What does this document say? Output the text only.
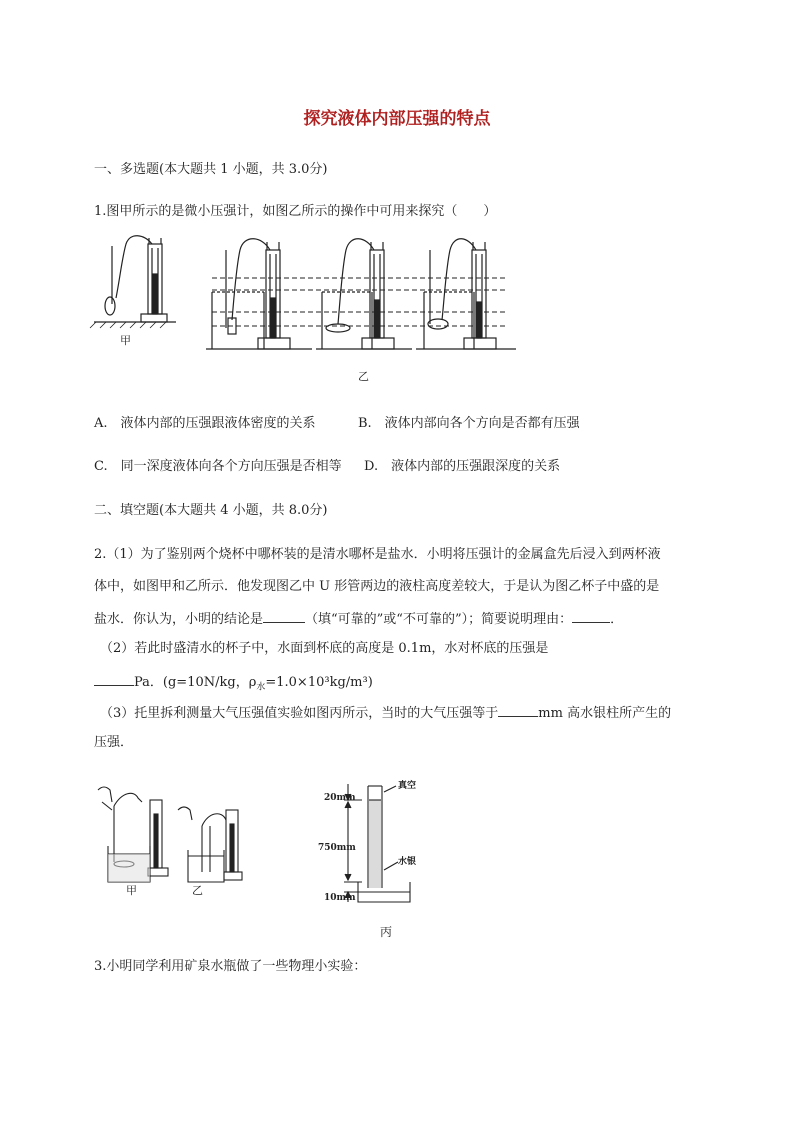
探究液体内部压强的特点
一、多选题(本大题共 1 小题，共 3.0分)
1.图甲所示的是微小压强计，如图乙所示的操作中可用来探究（　　）
甲
乙
A.　液体内部的压强跟液体密度的关系	B.　液体内部向各个方向是否都有压强
C.　同一深度液体向各个方向压强是否相等 D.　液体内部的压强跟深度的关系
二、填空题(本大题共 4 小题，共 8.0分)
2.（1）为了鉴别两个烧杯中哪杯装的是清水哪杯是盐水．小明将压强计的金属盒先后浸入到两杯液
体中，如图甲和乙所示．他发现图乙中 U 形管两边的液柱高度差较大，于是认为图乙杯子中盛的是
盐水．你认为，小明的结论是	（填“可靠的”或“不可靠的”）；简要说明理由：	．
（2）若此时盛清水的杯子中，水面到杯底的高度是 0.1m，水对杯底的压强是
Pa．(g=10N/kg，$\rho_水=1.0\times 10^3kg/m^3$)
（3）托里拆利测量大气压强值实验如图丙所示，当时的大气压强等于	mm 高水银柱所产生的
压强．
甲	乙
丙
20mm
750mm
10mm
真空
水银
3.小明同学利用矿泉水瓶做了一些物理小实验：
